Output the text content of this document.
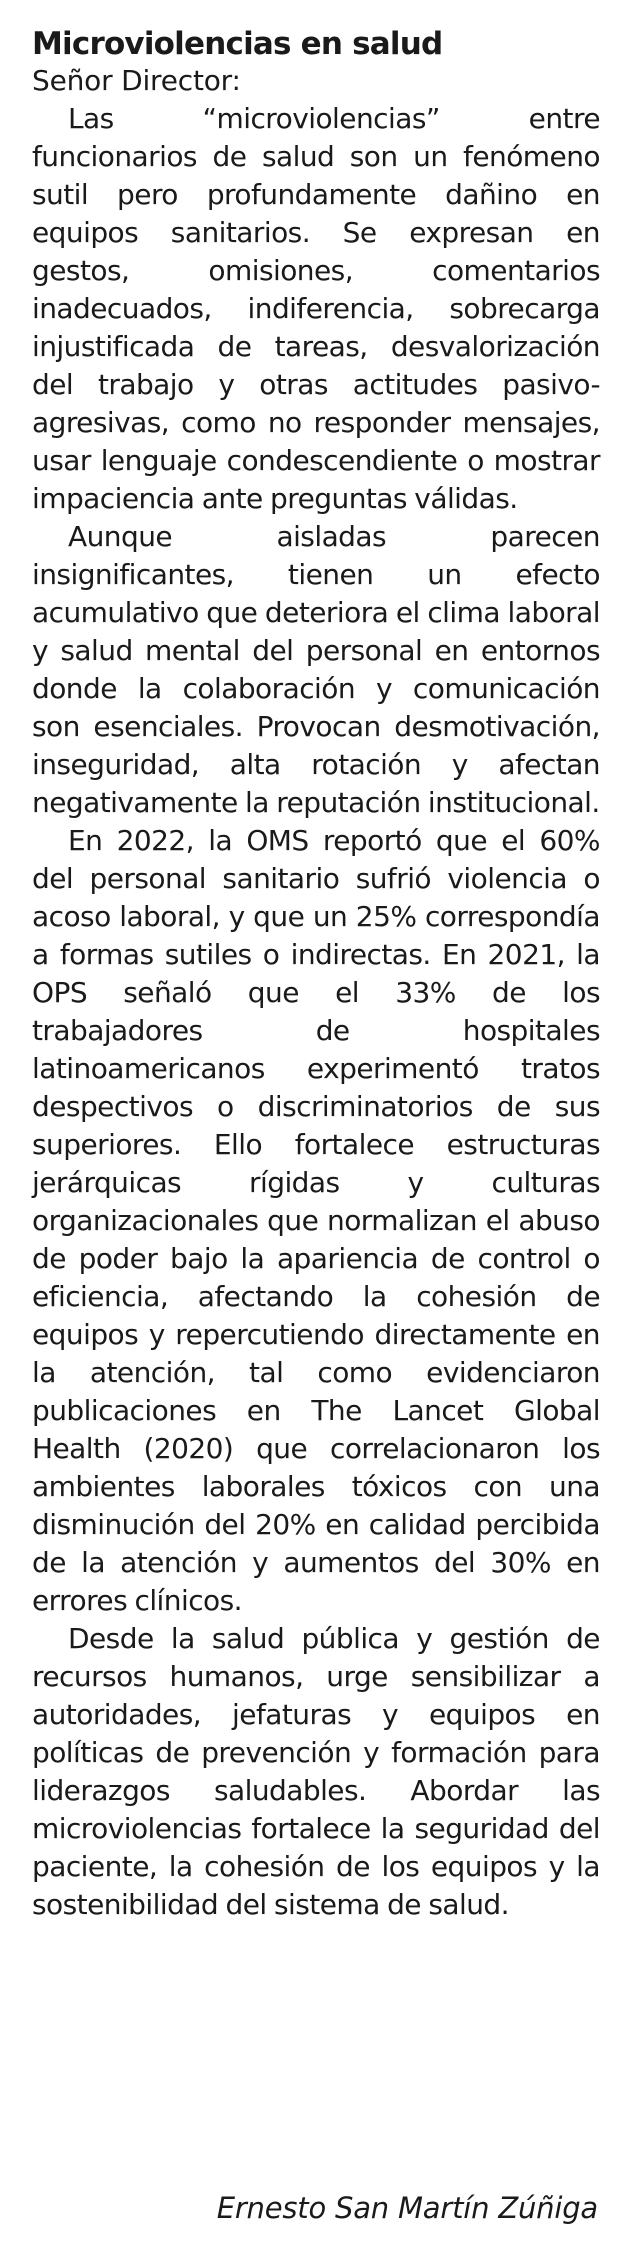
Microviolencias en salud

Señor Director:

Las “microviolencias” entre funcionarios de salud son un fenómeno sutil pero profundamente dañino en equipos sanitarios. Se expresan en gestos, omisiones, comentarios inadecuados, indiferencia, sobrecarga injustificada de tareas, desvalorización del trabajo y otras actitudes pasivo-agresivas, como no responder mensajes, usar lenguaje condescendiente o mostrar impaciencia ante preguntas válidas.

Aunque aisladas parecen insignificantes, tienen un efecto acumulativo que deteriora el clima laboral y salud mental del personal en entornos donde la colaboración y comunicación son esenciales. Provocan desmotivación, inseguridad, alta rotación y afectan negativamente la reputación institucional.

En 2022, la OMS reportó que el 60% del personal sanitario sufrió violencia o acoso laboral, y que un 25% correspondía a formas sutiles o indirectas. En 2021, la OPS señaló que el 33% de los trabajadores de hospitales latinoamericanos experimentó tratos despectivos o discriminatorios de sus superiores. Ello fortalece estructuras jerárquicas rígidas y culturas organizacionales que normalizan el abuso de poder bajo la apariencia de control o eficiencia, afectando la cohesión de equipos y repercutiendo directamente en la atención, tal como evidenciaron publicaciones en The Lancet Global Health (2020) que correlacionaron los ambientes laborales tóxicos con una disminución del 20% en calidad percibida de la atención y aumentos del 30% en errores clínicos.

Desde la salud pública y gestión de recursos humanos, urge sensibilizar a autoridades, jefaturas y equipos en políticas de prevención y formación para liderazgos saludables. Abordar las microviolencias fortalece la seguridad del paciente, la cohesión de los equipos y la sostenibilidad del sistema de salud.

Ernesto San Martín Zúñiga
